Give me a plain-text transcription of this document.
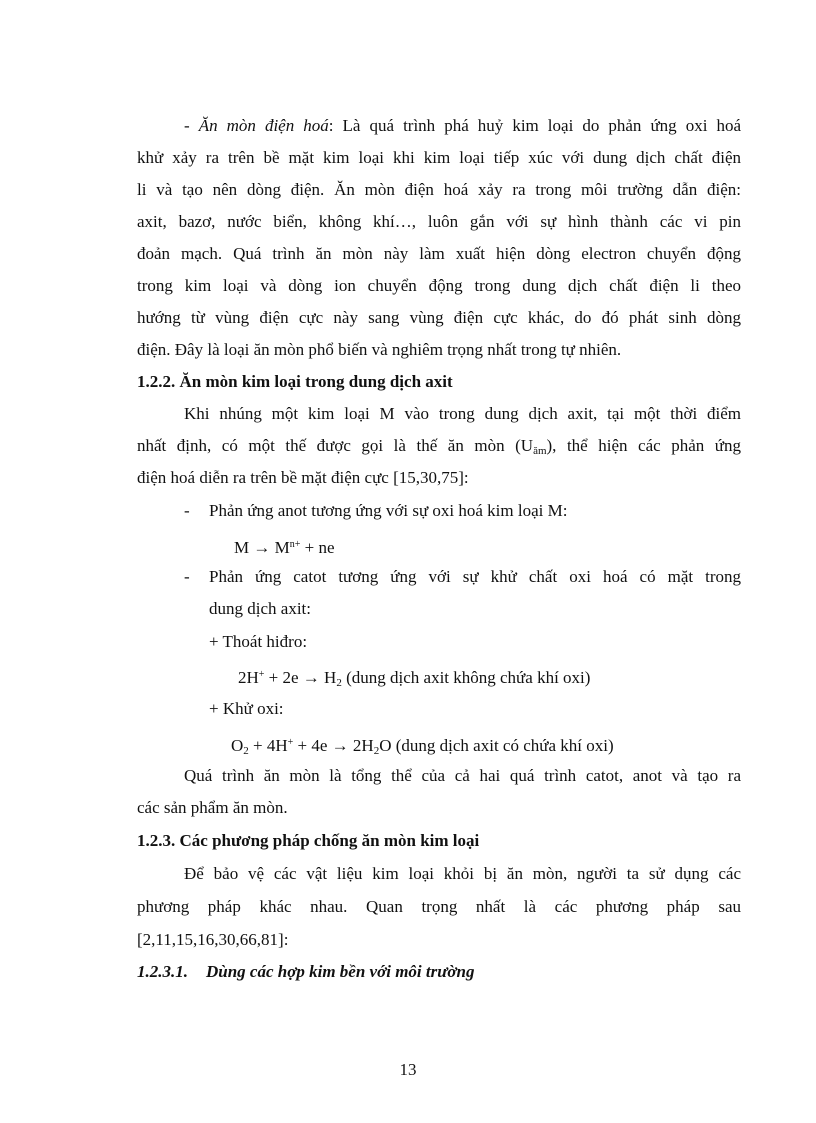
- Ăn mòn điện hoá: Là quá trình phá huỷ kim loại do phản ứng oxi hoá
khử xảy ra trên bề mặt kim loại khi kim loại tiếp xúc với dung dịch chất điện
li và tạo nên dòng điện. Ăn mòn điện hoá xảy ra trong môi trường dẫn điện:
axit, bazơ, nước biển, không khí…, luôn gắn với sự hình thành các vi pin
đoản mạch. Quá trình ăn mòn này làm xuất hiện dòng electron chuyển động
trong kim loại và dòng ion chuyển động trong dung dịch chất điện li theo
hướng từ vùng điện cực này sang vùng điện cực khác, do đó phát sinh dòng
điện. Đây là loại ăn mòn phổ biến và nghiêm trọng nhất trong tự nhiên.
1.2.2. Ăn mòn kim loại trong dung dịch axit
Khi nhúng một kim loại M vào trong dung dịch axit, tại một thời điểm
nhất định, có một thế được gọi là thế ăn mòn $(U_{ăm})$, thể hiện các phản ứng
điện hoá diễn ra trên bề mặt điện cực [15,30,75]:
- Phản ứng anot tương ứng với sự oxi hoá kim loại M:
$M \to M^{n+}$ + ne
- Phản ứng catot tương ứng với sự khử chất oxi hoá có mặt trong
dung dịch axit:
+ Thoát hiđro:
$2H^+ + 2e \to H_2$ (dung dịch axit không chứa khí oxi)
+ Khử oxi:
$O_2 + 4H^+ + 4e \to 2H_2O$ (dung dịch axit có chứa khí oxi)
Quá trình ăn mòn là tổng thể của cả hai quá trình catot, anot và tạo ra
các sản phẩm ăn mòn.
1.2.3. Các phương pháp chống ăn mòn kim loại
Để bảo vệ các vật liệu kim loại khỏi bị ăn mòn, người ta sử dụng các
phương pháp khác nhau. Quan trọng nhất là các phương pháp sau
[2,11,15,16,30,66,81]:
1.2.3.1. Dùng các hợp kim bền với môi trường
13
